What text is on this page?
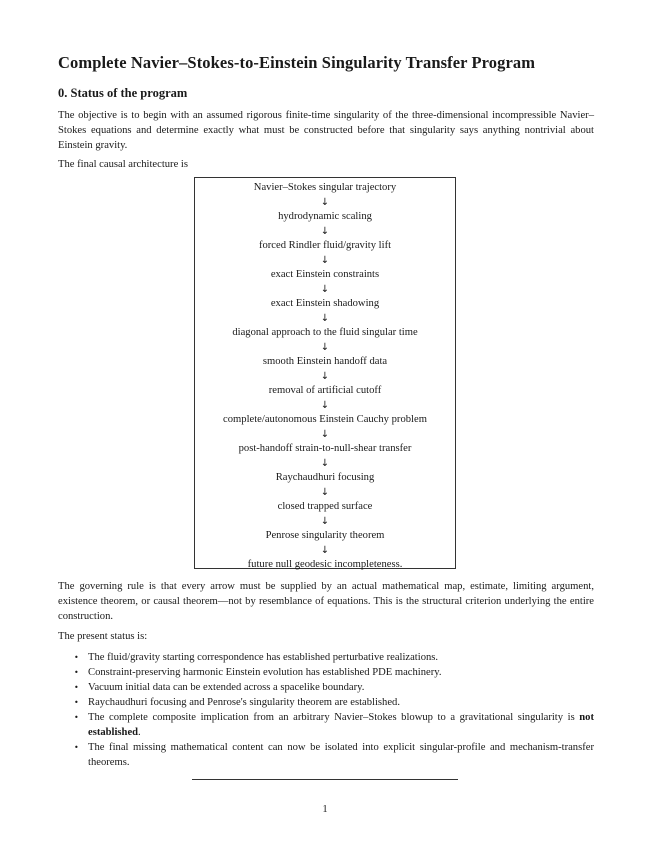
Complete Navier–Stokes-to-Einstein Singularity Transfer Program
0. Status of the program

The objective is to begin with an assumed rigorous finite-time singularity of the three-dimensional incompressible Navier–Stokes equations and determine exactly what must be constructed before that singularity says anything nontrivial about Einstein gravity.

The final causal architecture is

Navier–Stokes singular trajectory
↓
hydrodynamic scaling
↓
forced Rindler fluid/gravity lift
↓
exact Einstein constraints
↓
exact Einstein shadowing
↓
diagonal approach to the fluid singular time
↓
smooth Einstein handoff data
↓
removal of artificial cutoff
↓
complete/autonomous Einstein Cauchy problem
↓
post-handoff strain-to-null-shear transfer
↓
Raychaudhuri focusing
↓
closed trapped surface
↓
Penrose singularity theorem
↓
future null geodesic incompleteness.

The governing rule is that every arrow must be supplied by an actual mathematical map, estimate, limiting argument, existence theorem, or causal theorem—not by resemblance of equations. This is the structural criterion underlying the entire construction.

The present status is:

• The fluid/gravity starting correspondence has established perturbative realizations.
• Constraint-preserving harmonic Einstein evolution has established PDE machinery.
• Vacuum initial data can be extended across a spacelike boundary.
• Raychaudhuri focusing and Penrose's singularity theorem are established.
• The complete composite implication from an arbitrary Navier–Stokes blowup to a gravitational singularity is not established.
• The final missing mathematical content can now be isolated into explicit singular-profile and mechanism-transfer theorems.
1
